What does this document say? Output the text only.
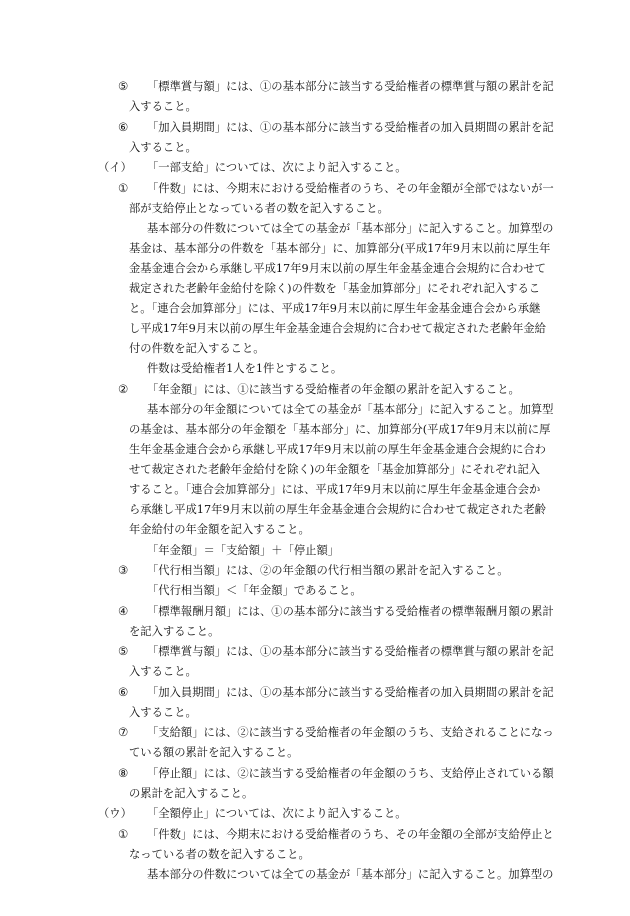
⑤ 「標準賞与額」には、①の基本部分に該当する受給権者の標準賞与額の累計を記
入すること。
⑥ 「加入員期間」には、①の基本部分に該当する受給権者の加入員期間の累計を記
入すること。
（イ） 「一部支給」については、次により記入すること。
① 「件数」には、今期末における受給権者のうち、その年金額が全部ではないが一
部が支給停止となっている者の数を記入すること。
基本部分の件数については全ての基金が「基本部分」に記入すること。加算型の
基金は、基本部分の件数を「基本部分」に、加算部分(平成17年9月末以前に厚生年
金基金連合会から承継し平成17年9月末以前の厚生年金基金連合会規約に合わせて
裁定された老齢年金給付を除く)の件数を「基金加算部分」にそれぞれ記入するこ
と。「連合会加算部分」には、平成17年9月末以前に厚生年金基金連合会から承継
し平成17年9月末以前の厚生年金基金連合会規約に合わせて裁定された老齢年金給
付の件数を記入すること。
件数は受給権者1人を1件とすること。
② 「年金額」には、①に該当する受給権者の年金額の累計を記入すること。
基本部分の年金額については全ての基金が「基本部分」に記入すること。加算型
の基金は、基本部分の年金額を「基本部分」に、加算部分(平成17年9月末以前に厚
生年金基金連合会から承継し平成17年9月末以前の厚生年金基金連合会規約に合わ
せて裁定された老齢年金給付を除く)の年金額を「基金加算部分」にそれぞれ記入
すること。「連合会加算部分」には、平成17年9月末以前に厚生年金基金連合会か
ら承継し平成17年9月末以前の厚生年金基金連合会規約に合わせて裁定された老齢
年金給付の年金額を記入すること。
「年金額」＝「支給額」＋「停止額」
③ 「代行相当額」には、②の年金額の代行相当額の累計を記入すること。
「代行相当額」＜「年金額」であること。
④ 「標準報酬月額」には、①の基本部分に該当する受給権者の標準報酬月額の累計
を記入すること。
⑤ 「標準賞与額」には、①の基本部分に該当する受給権者の標準賞与額の累計を記
入すること。
⑥ 「加入員期間」には、①の基本部分に該当する受給権者の加入員期間の累計を記
入すること。
⑦ 「支給額」には、②に該当する受給権者の年金額のうち、支給されることになっ
ている額の累計を記入すること。
⑧ 「停止額」には、②に該当する受給権者の年金額のうち、支給停止されている額
の累計を記入すること。
（ウ） 「全額停止」については、次により記入すること。
① 「件数」には、今期末における受給権者のうち、その年金額の全部が支給停止と
なっている者の数を記入すること。
基本部分の件数については全ての基金が「基本部分」に記入すること。加算型の
